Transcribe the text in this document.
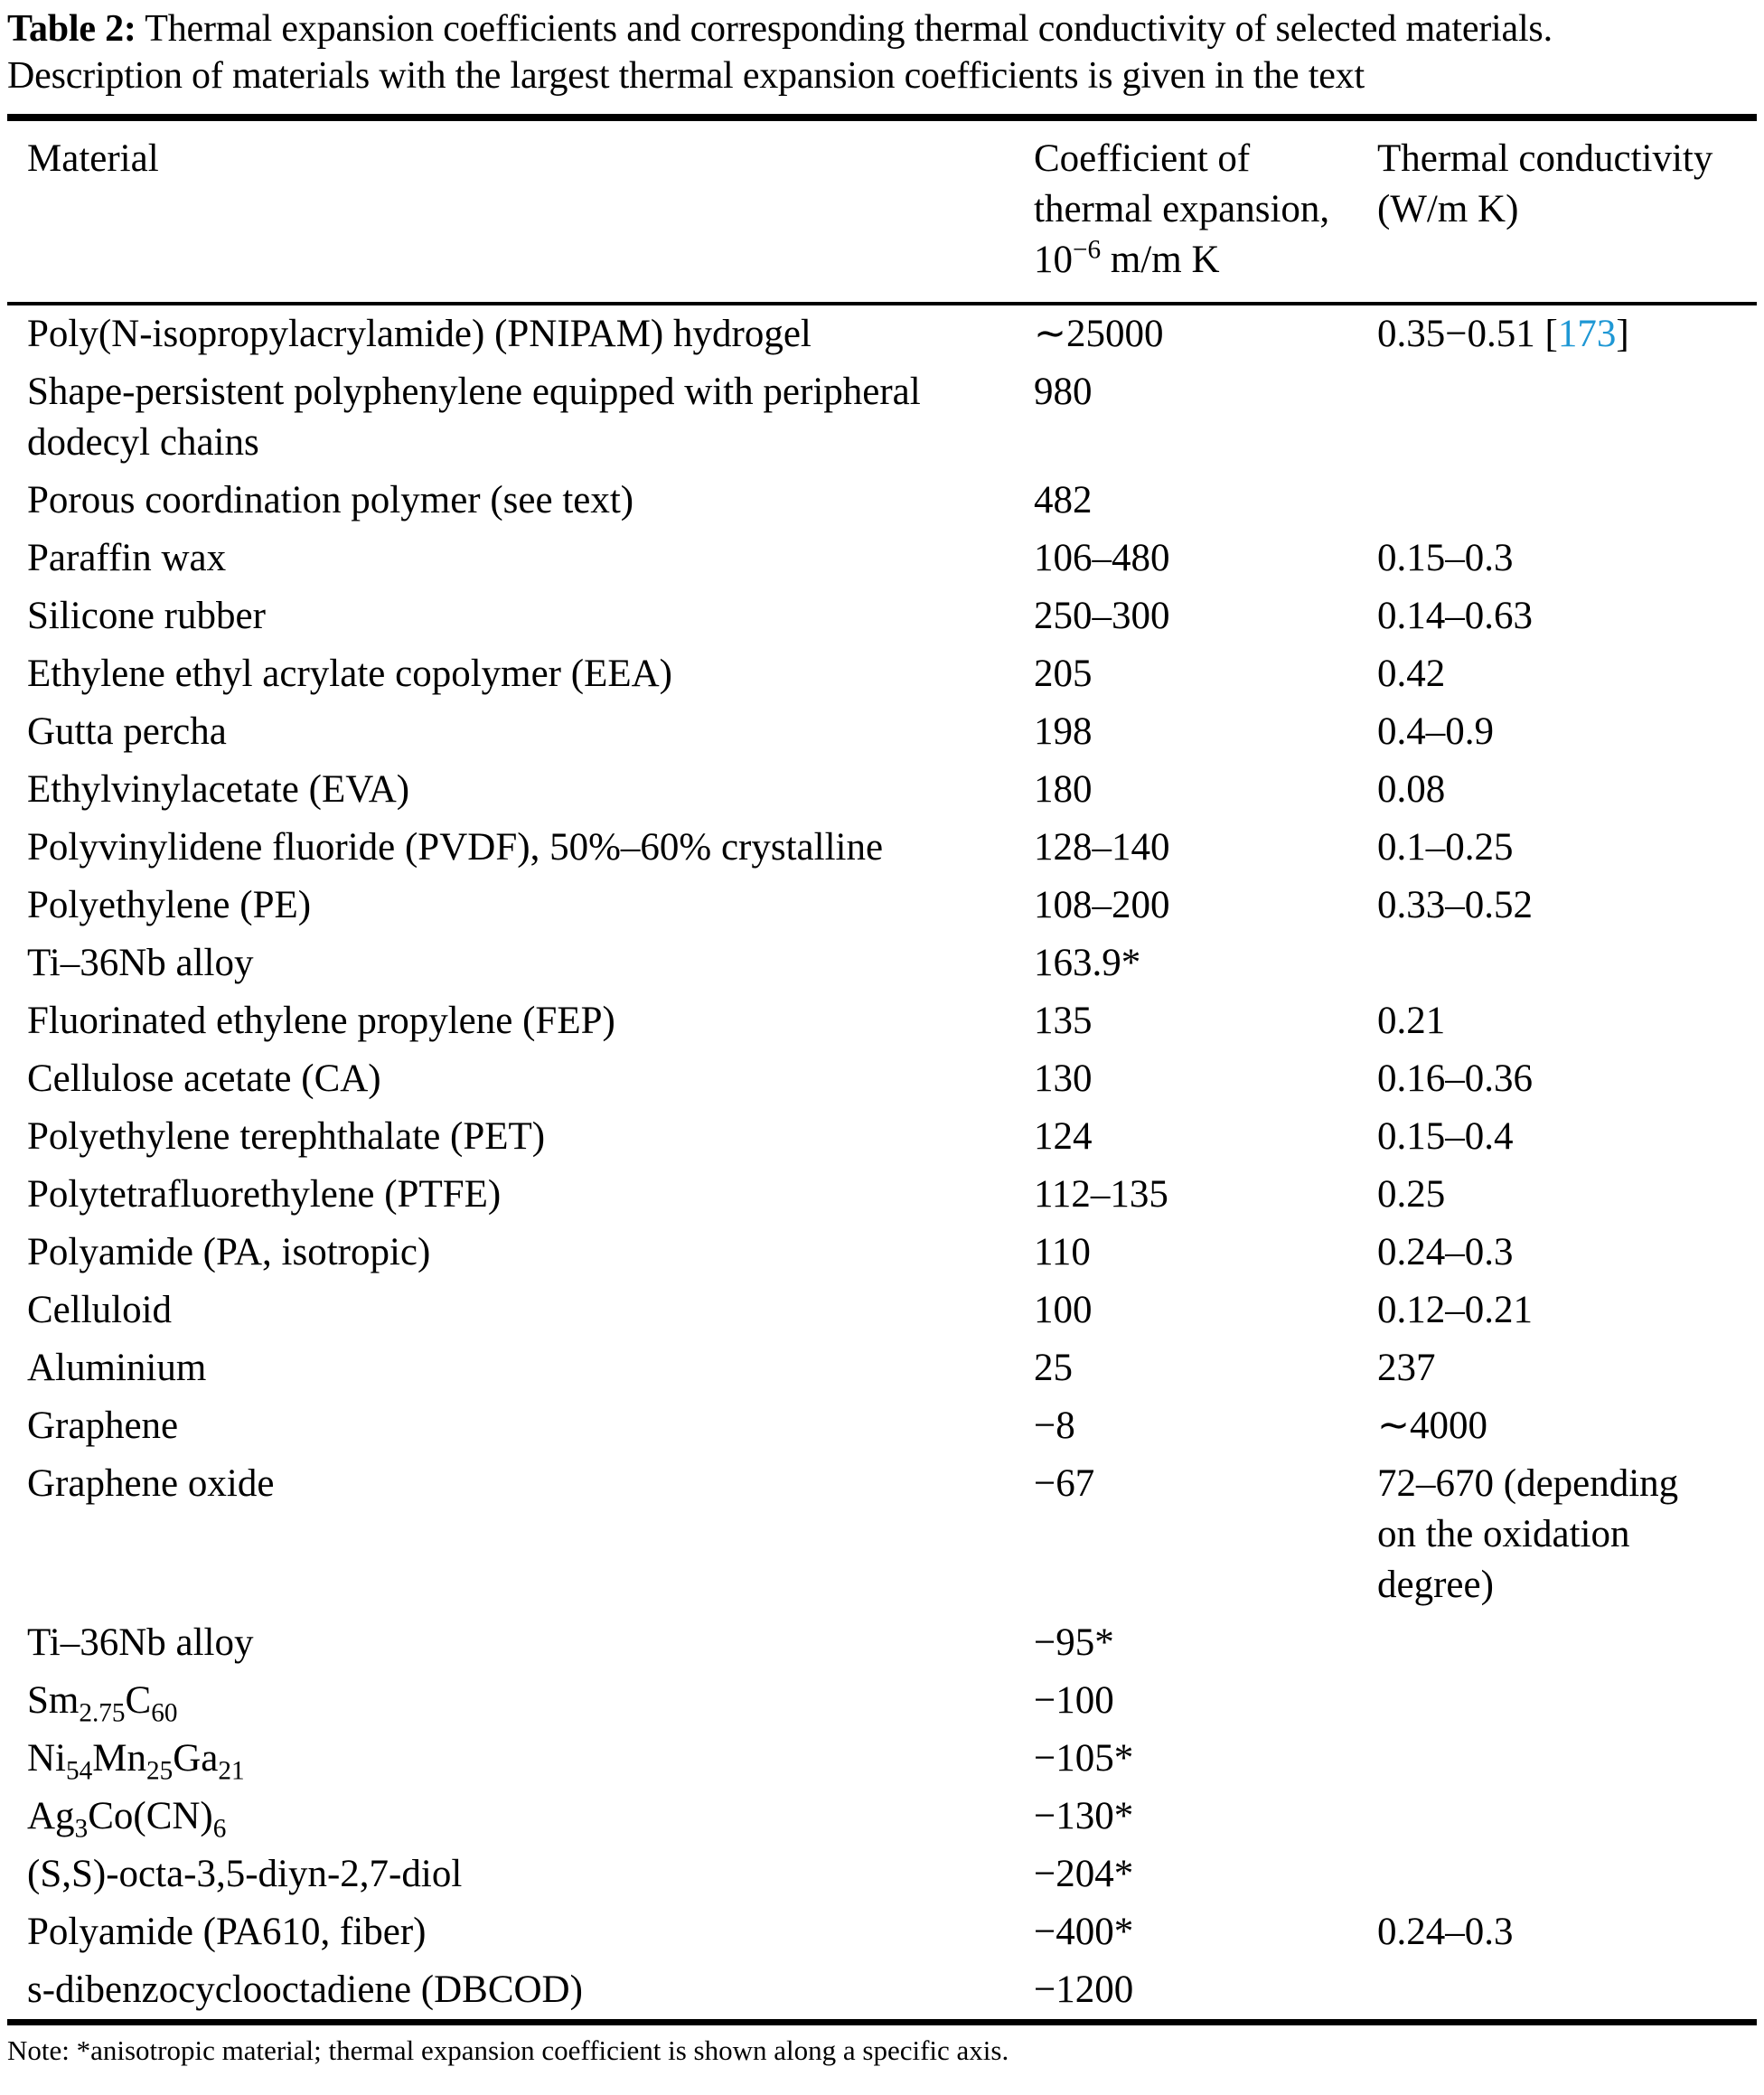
Table 2: Thermal expansion coefficients and corresponding thermal conductivity of selected materials.
Description of materials with the largest thermal expansion coefficients is given in the text

Material	Coefficient of
thermal expansion,
$10^{-6}$ m/m K	Thermal conductivity
(W/m K)
Poly(N-isopropylacrylamide) (PNIPAM) hydrogel	∼25000	0.35−0.51 [173]
Shape-persistent polyphenylene equipped with peripheral
dodecyl chains	980	
Porous coordination polymer (see text)	482	
Paraffin wax	106–480	0.15–0.3
Silicone rubber	250–300	0.14–0.63
Ethylene ethyl acrylate copolymer (EEA)	205	0.42
Gutta percha	198	0.4–0.9
Ethylvinylacetate (EVA)	180	0.08
Polyvinylidene fluoride (PVDF), 50%–60% crystalline	128–140	0.1–0.25
Polyethylene (PE)	108–200	0.33–0.52
Ti–36Nb alloy	163.9*	
Fluorinated ethylene propylene (FEP)	135	0.21
Cellulose acetate (CA)	130	0.16–0.36
Polyethylene terephthalate (PET)	124	0.15–0.4
Polytetrafluorethylene (PTFE)	112–135	0.25
Polyamide (PA, isotropic)	110	0.24–0.3
Celluloid	100	0.12–0.21
Aluminium	25	237
Graphene	−8	∼4000
Graphene oxide	−67	72–670 (depending
on the oxidation
degree)
Ti–36Nb alloy	−95*	
$Sm_{2.75}C_{60}$	−100	
$Ni_{54}Mn_{25}Ga_{21}$	−105*	
$Ag_3Co(CN)_6$	−130*	
(S,S)-octa-3,5-diyn-2,7-diol	−204*	
Polyamide (PA610, fiber)	−400*	0.24–0.3
s-dibenzocyclooctadiene (DBCOD)	−1200	

Note: *anisotropic material; thermal expansion coefficient is shown along a specific axis.
